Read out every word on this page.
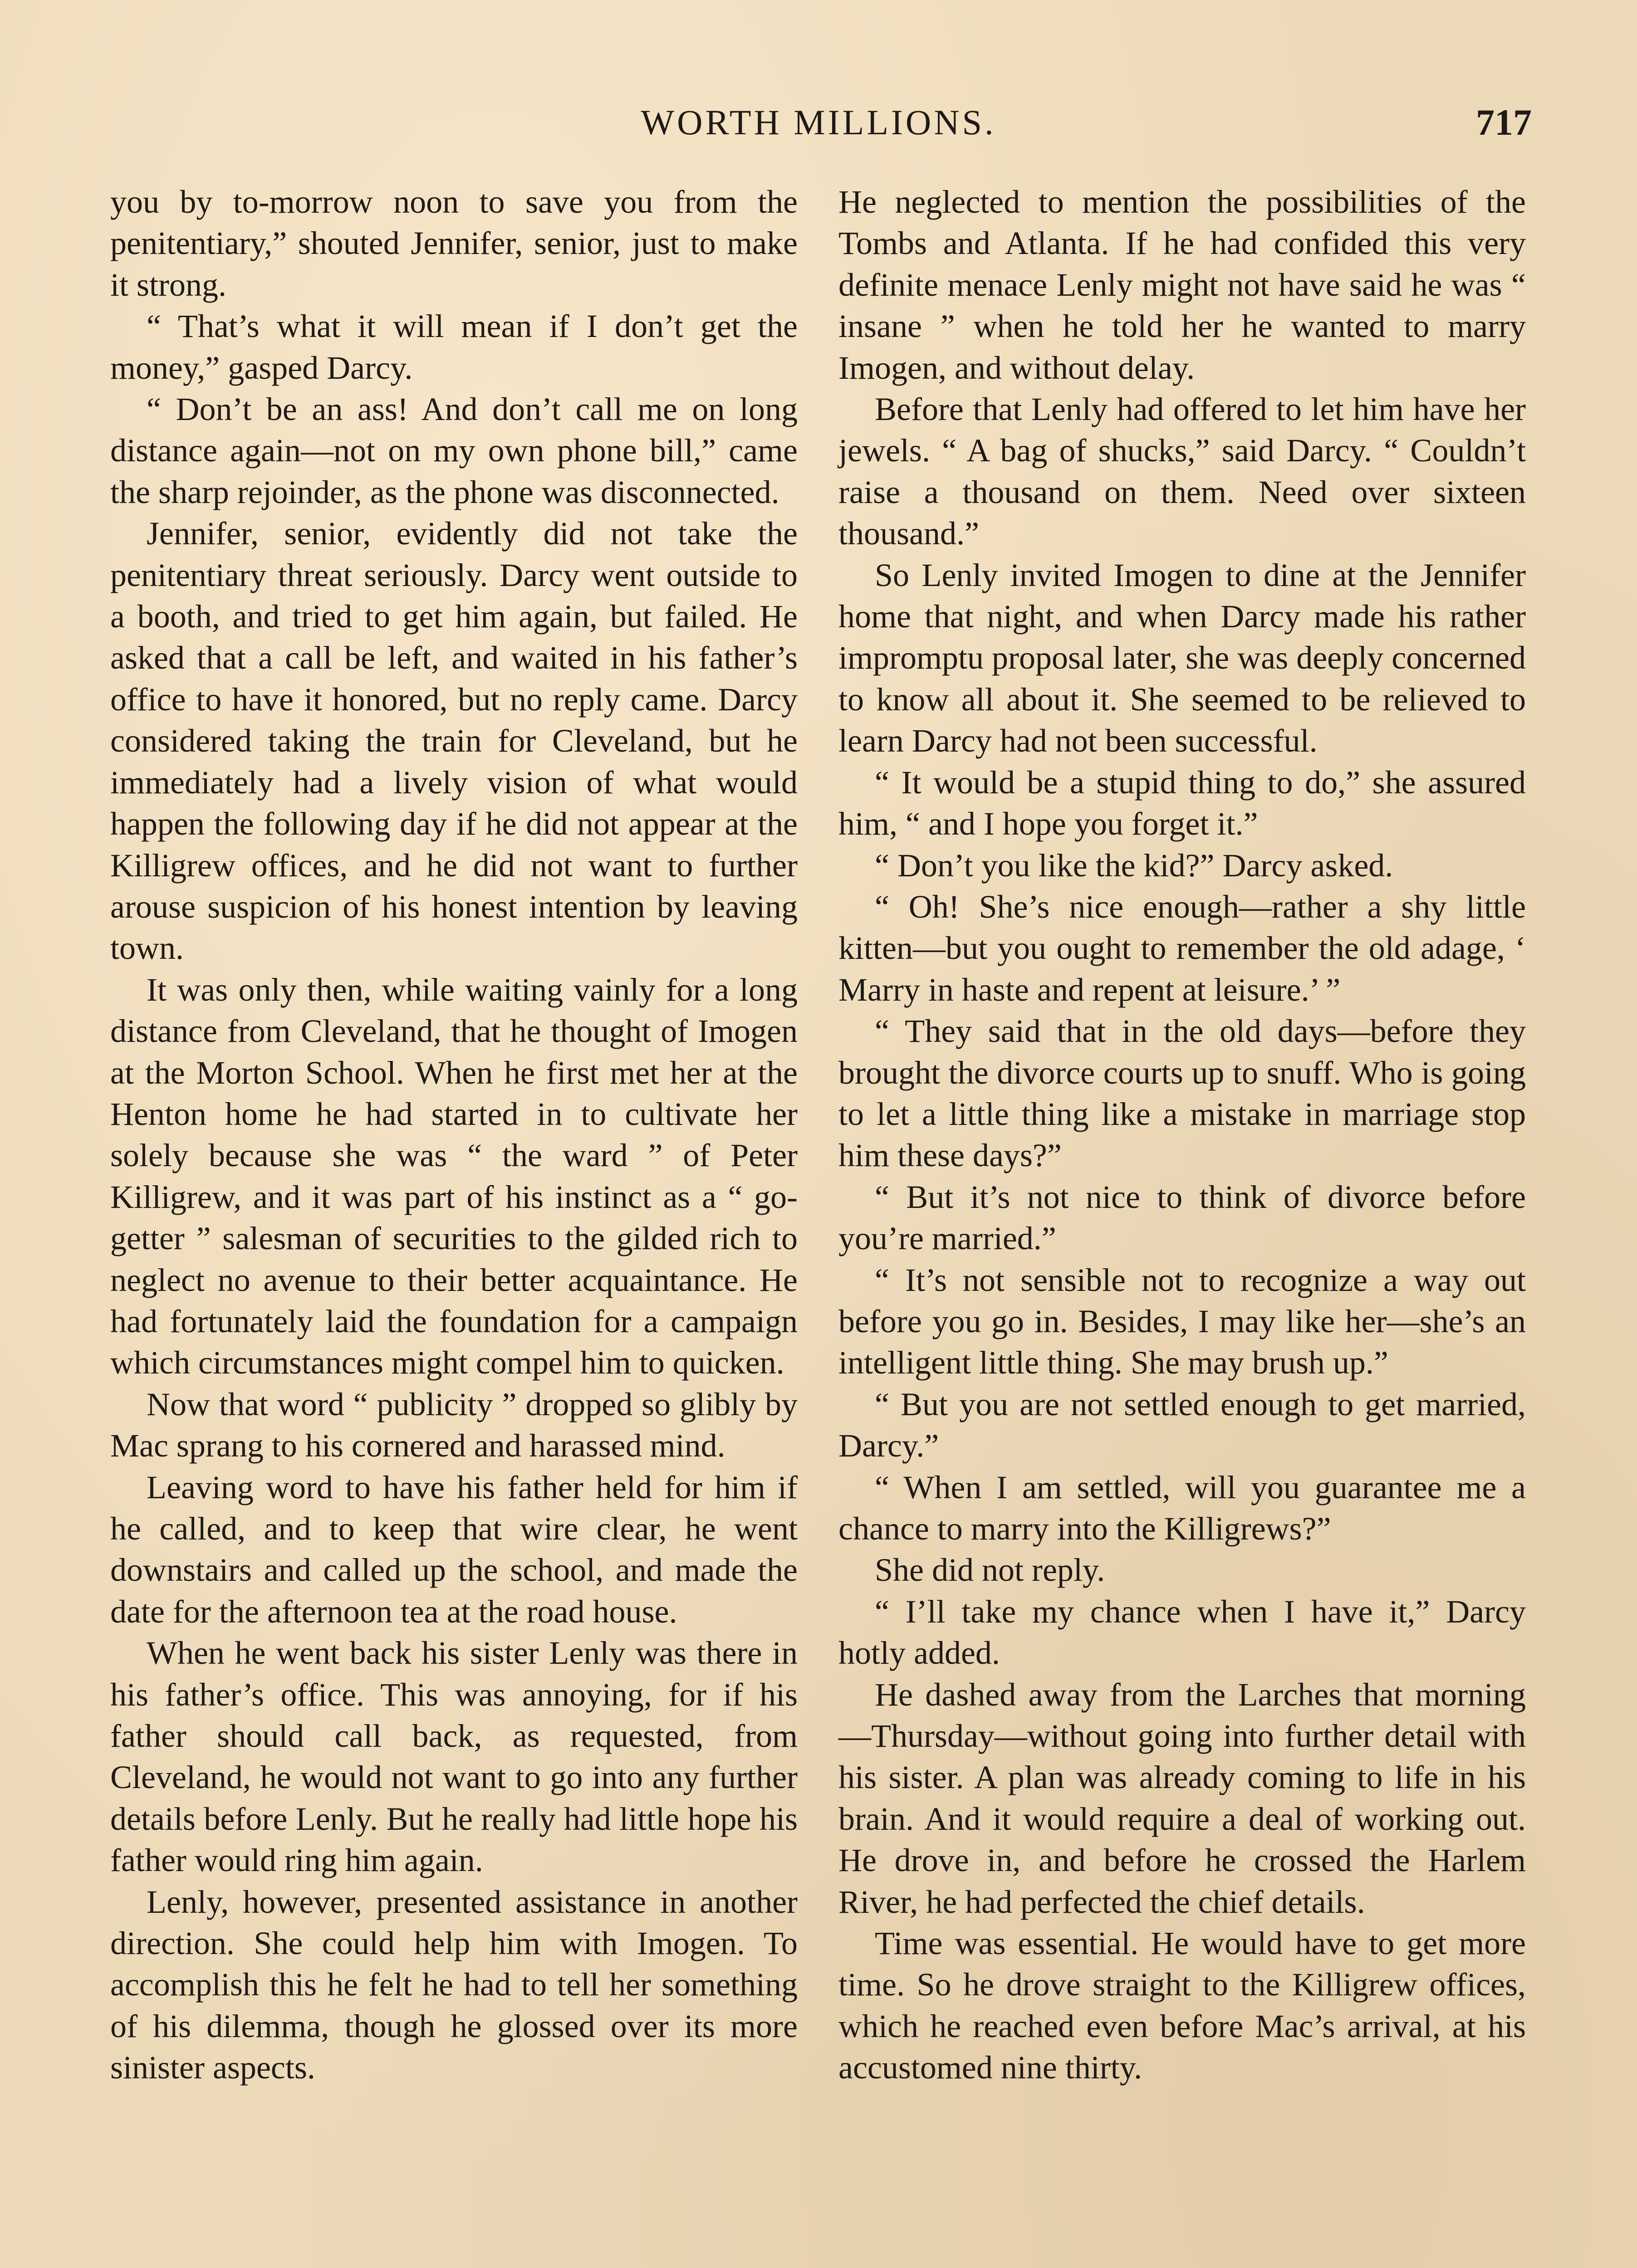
WORTH MILLIONS.	717

you by to-morrow noon to save you from the penitentiary,” shouted Jennifer, senior, just to make it strong.

“ That’s what it will mean if I don’t get the money,” gasped Darcy.

“ Don’t be an ass! And don’t call me on long distance again—not on my own phone bill,” came the sharp rejoinder, as the phone was disconnected.

Jennifer, senior, evidently did not take the penitentiary threat seriously. Darcy went outside to a booth, and tried to get him again, but failed. He asked that a call be left, and waited in his father’s office to have it honored, but no reply came. Darcy considered taking the train for Cleveland, but he immediately had a lively vision of what would happen the following day if he did not appear at the Killigrew offices, and he did not want to further arouse suspicion of his honest intention by leaving town.

It was only then, while waiting vainly for a long distance from Cleveland, that he thought of Imogen at the Morton School. When he first met her at the Henton home he had started in to cultivate her solely because she was “ the ward ” of Peter Killigrew, and it was part of his instinct as a “ go-getter ” salesman of securities to the gilded rich to neglect no avenue to their better acquaintance. He had fortunately laid the foundation for a campaign which circumstances might compel him to quicken.

Now that word “ publicity ” dropped so glibly by Mac sprang to his cornered and harassed mind.

Leaving word to have his father held for him if he called, and to keep that wire clear, he went downstairs and called up the school, and made the date for the afternoon tea at the road house.

When he went back his sister Lenly was there in his father’s office. This was annoying, for if his father should call back, as requested, from Cleveland, he would not want to go into any further details before Lenly. But he really had little hope his father would ring him again.

Lenly, however, presented assistance in another direction. She could help him with Imogen. To accomplish this he felt he had to tell her something of his dilemma, though he glossed over its more sinister aspects.

He neglected to mention the possibilities of the Tombs and Atlanta. If he had confided this very definite menace Lenly might not have said he was “ insane ” when he told her he wanted to marry Imogen, and without delay.

Before that Lenly had offered to let him have her jewels. “ A bag of shucks,” said Darcy. “ Couldn’t raise a thousand on them. Need over sixteen thousand.”

So Lenly invited Imogen to dine at the Jennifer home that night, and when Darcy made his rather impromptu proposal later, she was deeply concerned to know all about it. She seemed to be relieved to learn Darcy had not been successful.

“ It would be a stupid thing to do,” she assured him, “ and I hope you forget it.”

“ Don’t you like the kid?” Darcy asked.

“ Oh! She’s nice enough—rather a shy little kitten—but you ought to remember the old adage, ‘ Marry in haste and repent at leisure.’ ”

“ They said that in the old days—before they brought the divorce courts up to snuff. Who is going to let a little thing like a mistake in marriage stop him these days?”

“ But it’s not nice to think of divorce before you’re married.”

“ It’s not sensible not to recognize a way out before you go in. Besides, I may like her—she’s an intelligent little thing. She may brush up.”

“ But you are not settled enough to get married, Darcy.”

“ When I am settled, will you guarantee me a chance to marry into the Killigrews?”

She did not reply.

“ I’ll take my chance when I have it,” Darcy hotly added.

He dashed away from the Larches that morning—Thursday—without going into further detail with his sister. A plan was already coming to life in his brain. And it would require a deal of working out. He drove in, and before he crossed the Harlem River, he had perfected the chief details.

Time was essential. He would have to get more time. So he drove straight to the Killigrew offices, which he reached even before Mac’s arrival, at his accustomed nine thirty.
